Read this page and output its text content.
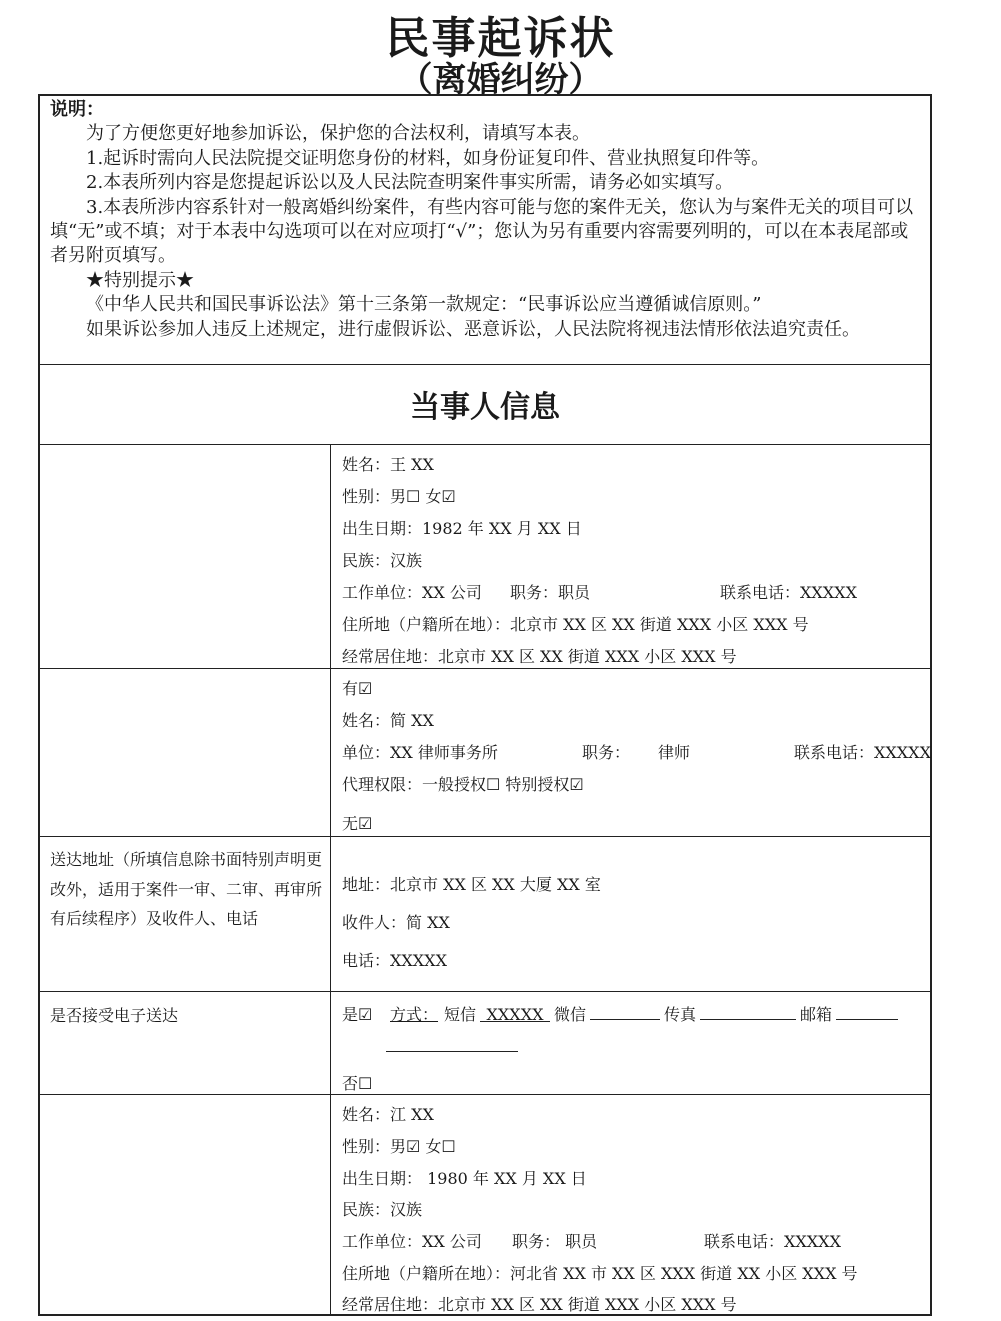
民事起诉状
（离婚纠纷）

说明：

为了方便您更好地参加诉讼，保护您的合法权利，请填写本表。

1.起诉时需向人民法院提交证明您身份的材料，如身份证复印件、营业执照复印件等。

2.本表所列内容是您提起诉讼以及人民法院查明案件事实所需，请务必如实填写。

3.本表所涉内容系针对一般离婚纠纷案件，有些内容可能与您的案件无关，您认为与案件无关的项目可以填“无”或不填；对于本表中勾选项可以在对应项打“√”；您认为另有重要内容需要列明的，可以在本表尾部或者另附页填写。

★特别提示★

《中华人民共和国民事诉讼法》第十三条第一款规定：“民事诉讼应当遵循诚信原则。”

如果诉讼参加人违反上述规定，进行虚假诉讼、恶意诉讼，人民法院将视违法情形依法追究责任。

当事人信息
姓名：王 XX
性别：男☐ 女☑
出生日期：1982 年 XX 月 XX 日
民族：汉族
工作单位：XX 公司 职务：职员	联系电话：XXXXX
住所地（户籍所在地）：北京市 XX 区 XX 街道 XXX 小区 XXX 号
经常居住地：北京市 XX 区 XX 街道 XXX 小区 XXX 号
有☑
姓名：简 XX
单位：XX 律师事务所	职务： 律师	联系电话：XXXXX
代理权限：一般授权☐ 特别授权☑
无☑
送达地址（所填信息除书面特别声明更改外，适用于案件一审、二审、再审所有后续程序）及收件人、电话
地址：北京市 XX 区 XX 大厦 XX 室
收件人：简 XX
电话：XXXXX
是否接受电子送达	是☑ 方式： 短信 XXXXX 微信	传真	邮箱
否☐
姓名：江 XX
性别：男☑ 女☐
出生日期： 1980 年 XX 月 XX 日
民族：汉族
工作单位：XX 公司 职务： 职员	联系电话：XXXXX
住所地（户籍所在地）：河北省 XX 市 XX 区 XXX 街道 XX 小区 XXX 号
经常居住地：北京市 XX 区 XX 街道 XXX 小区 XXX 号
